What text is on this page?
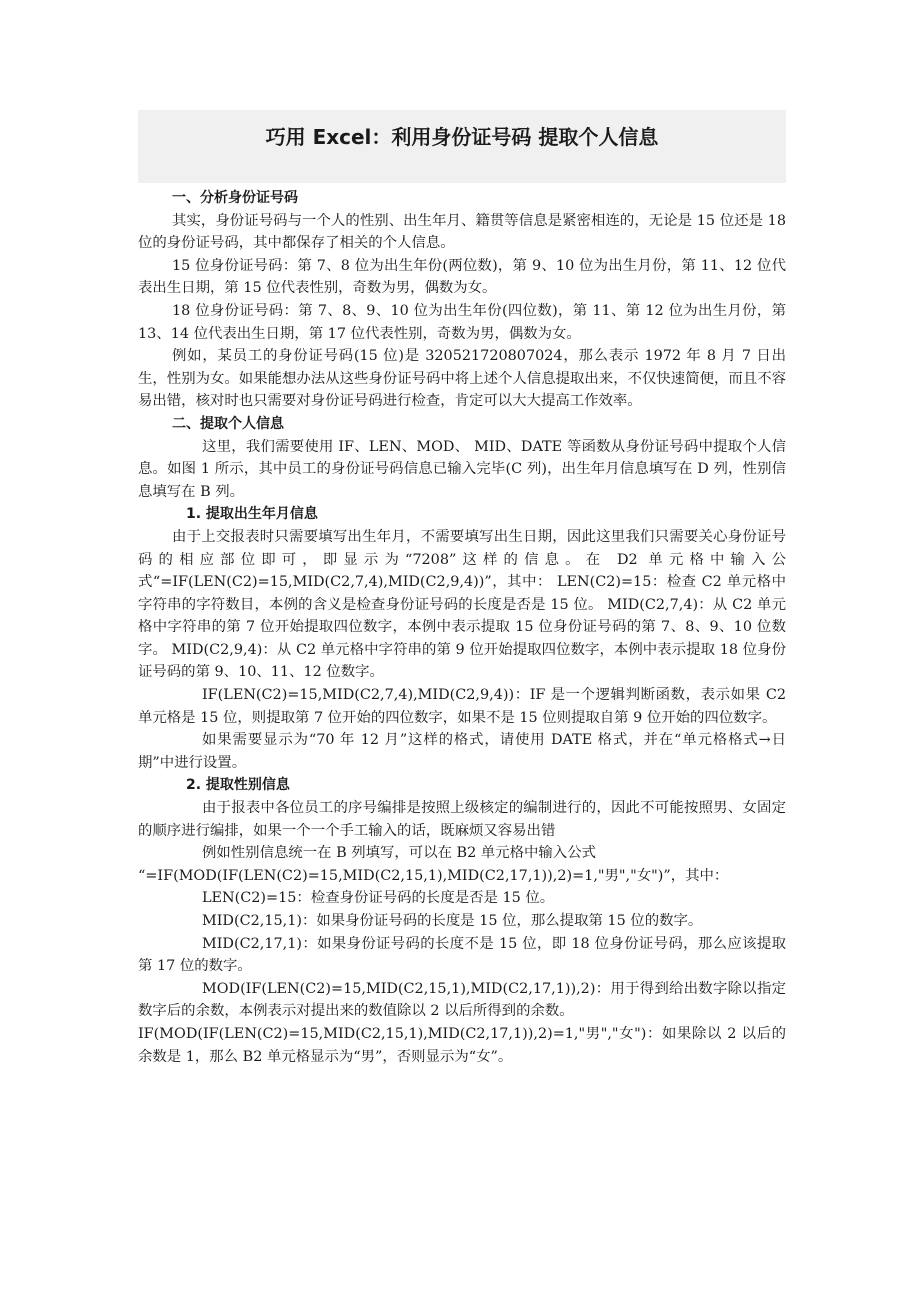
巧用 Excel：利用身份证号码 提取个人信息

一、分析身份证号码

其实，身份证号码与一个人的性别、出生年月、籍贯等信息是紧密相连的，无论是 15 位还是 18 位的身份证号码，其中都保存了相关的个人信息。

15 位身份证号码：第 7、8 位为出生年份(两位数)，第 9、10 位为出生月份，第 11、12 位代表出生日期，第 15 位代表性别，奇数为男，偶数为女。

18 位身份证号码：第 7、8、9、10 位为出生年份(四位数)，第 11、第 12 位为出生月份，第 13、14 位代表出生日期，第 17 位代表性别，奇数为男，偶数为女。

例如，某员工的身份证号码(15 位)是 320521720807024，那么表示 1972 年 8 月 7 日出生，性别为女。如果能想办法从这些身份证号码中将上述个人信息提取出来，不仅快速简便，而且不容易出错，核对时也只需要对身份证号码进行检查，肯定可以大大提高工作效率。

二、提取个人信息

这里，我们需要使用 IF、LEN、MOD、 MID、DATE 等函数从身份证号码中提取个人信息。如图 1 所示，其中员工的身份证号码信息已输入完毕(C 列)，出生年月信息填写在 D 列，性别信息填写在 B 列。

1. 提取出生年月信息

由于上交报表时只需要填写出生年月，不需要填写出生日期，因此这里我们只需要关心身份证号码的相应部位即可，即显示为“7208”这样的信息。在 D2 单元格中输入公式“=IF(LEN(C2)=15,MID(C2,7,4),MID(C2,9,4))”，其中： LEN(C2)=15：检查 C2 单元格中字符串的字符数目，本例的含义是检查身份证号码的长度是否是 15 位。 MID(C2,7,4)：从 C2 单元格中字符串的第 7 位开始提取四位数字，本例中表示提取 15 位身份证号码的第 7、8、9、10 位数字。 MID(C2,9,4)：从 C2 单元格中字符串的第 9 位开始提取四位数字，本例中表示提取 18 位身份证号码的第 9、10、11、12 位数字。

IF(LEN(C2)=15,MID(C2,7,4),MID(C2,9,4))：IF 是一个逻辑判断函数，表示如果 C2 单元格是 15 位，则提取第 7 位开始的四位数字，如果不是 15 位则提取自第 9 位开始的四位数字。

如果需要显示为“70 年 12 月”这样的格式，请使用 DATE 格式，并在“单元格格式→日期”中进行设置。

2. 提取性别信息

由于报表中各位员工的序号编排是按照上级核定的编制进行的，因此不可能按照男、女固定的顺序进行编排，如果一个一个手工输入的话，既麻烦又容易出错

例如性别信息统一在 B 列填写，可以在 B2 单元格中输入公式

“=IF(MOD(IF(LEN(C2)=15,MID(C2,15,1),MID(C2,17,1)),2)=1,"男","女")”，其中：

LEN(C2)=15：检查身份证号码的长度是否是 15 位。

MID(C2,15,1)：如果身份证号码的长度是 15 位，那么提取第 15 位的数字。

MID(C2,17,1)：如果身份证号码的长度不是 15 位，即 18 位身份证号码，那么应该提取第 17 位的数字。

MOD(IF(LEN(C2)=15,MID(C2,15,1),MID(C2,17,1)),2)：用于得到给出数字除以指定数字后的余数，本例表示对提出来的数值除以 2 以后所得到的余数。

IF(MOD(IF(LEN(C2)=15,MID(C2,15,1),MID(C2,17,1)),2)=1,"男","女")：如果除以 2 以后的余数是 1，那么 B2 单元格显示为“男”，否则显示为“女”。
